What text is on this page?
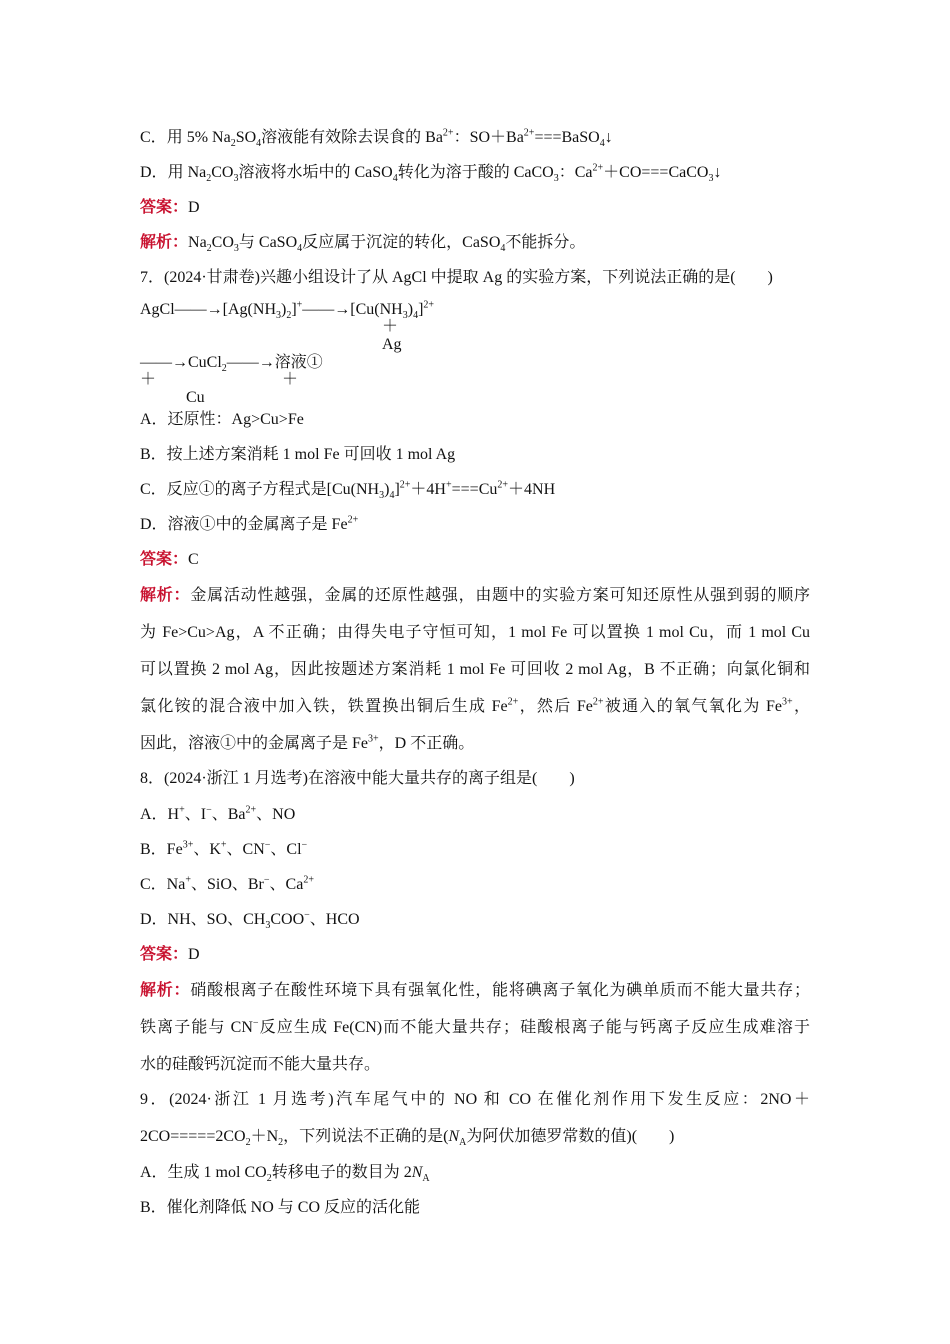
C．用 5% $Na_2SO_4$溶液能有效除去误食的 $Ba^{2+}$：$SO+Ba^{2+}===BaSO_4↓$
D．用 $Na_2CO_3$溶液将水垢中的 CaSO$_4$转化为溶于酸的 CaCO$_3$：$Ca^{2+}+CO===CaCO_3↓$
答案：D
解析：$Na_2CO_3$与 CaSO$_4$反应属于沉淀的转化，CaSO$_4$不能拆分。
7．(2024·甘肃卷)兴趣小组设计了从 AgCl 中提取 Ag 的实验方案，下列说法正确的是(　　)
$AgCl——\to[Ag(NH_3)_2]^+——\to[Cu(NH_3)_4]^{2+}$
＋
Ag
——→CuCl$_2$——→溶液①
＋	＋
Cu
A．还原性：Ag>Cu>Fe
B．按上述方案消耗 1 mol Fe 可回收 1 mol Ag
C．反应①的离子方程式是$[Cu(NH_3)_4]^{2+}+4H^+===Cu^{2+}+4NH$
D．溶液①中的金属离子是 $Fe^{2+}$
答案：C
解析：金属活动性越强，金属的还原性越强，由题中的实验方案可知还原性从强到弱的顺序
为 Fe>Cu>Ag，A 不正确；由得失电子守恒可知，1 mol Fe 可以置换 1 mol Cu，而 1 mol Cu
可以置换 2 mol Ag，因此按题述方案消耗 1 mol Fe 可回收 2 mol Ag，B 不正确；向氯化铜和
氯化铵的混合液中加入铁，铁置换出铜后生成 $Fe^{2+}$，然后 $Fe^{2+}$被通入的氧气氧化为 $Fe^{3+}$，
因此，溶液①中的金属离子是 $Fe^{3+}$，D 不正确。
8．(2024·浙江 1 月选考)在溶液中能大量共存的离子组是(　　)
A．H+、I−、$Ba^{2+}$、NO
B．$Fe^{3+}$、K+、CN−、Cl−
C．Na+、SiO、Br−、$Ca^{2+}$
D．NH、SO、$CH_3COO^-$、HCO
答案：D
解析：硝酸根离子在酸性环境下具有强氧化性，能将碘离子氧化为碘单质而不能大量共存；
铁离子能与 CN−反应生成 Fe(CN)而不能大量共存；硅酸根离子能与钙离子反应生成难溶于
水的硅酸钙沉淀而不能大量共存。
9．(2024·浙江 1 月选考)汽车尾气中的 NO 和 CO 在催化剂作用下发生反应：2NO＋
$2CO=====2CO_2+N_2$，下列说法不正确的是($N_A$为阿伏加德罗常数的值)(　　)
A．生成 1 mol $CO_2$转移电子的数目为 $2N_A$
B．催化剂降低 NO 与 CO 反应的活化能
